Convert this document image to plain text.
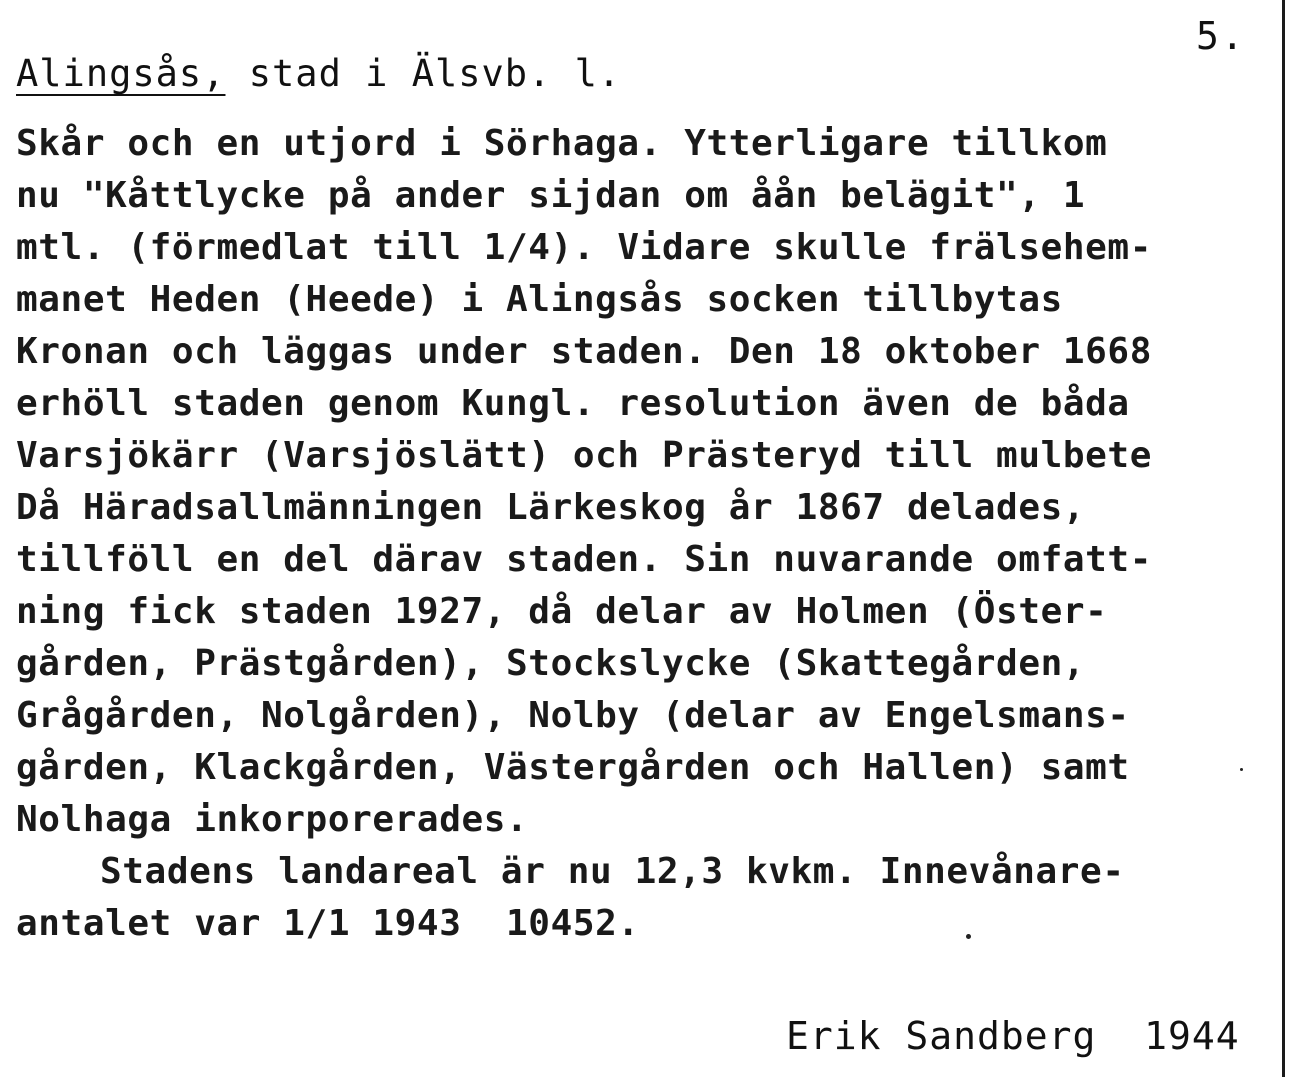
5.
Alingsås, stad i Älsvb. l.
Skår och en utjord i Sörhaga. Ytterligare tillkom
nu "Kåttlycke på ander sijdan om åån belägit", 1
mtl. (förmedlat till 1/4). Vidare skulle frälsehem-
manet Heden (Heede) i Alingsås socken tillbytas
Kronan och läggas under staden. Den 18 oktober 1668
erhöll staden genom Kungl. resolution även de båda
Varsjökärr (Varsjöslätt) och Prästeryd till mulbete
Då Häradsallmänningen Lärkeskog år 1867 delades,
tillföll en del därav staden. Sin nuvarande omfatt-
ning fick staden 1927, då delar av Holmen (Öster-
gården, Prästgården), Stockslycke (Skattegården,
Grågården, Nolgården), Nolby (delar av Engelsmans-
gården, Klackgården, Västergården och Hallen) samt
Nolhaga inkorporerades.
Stadens landareal är nu 12,3 kvkm. Innevånare-
antalet var 1/1 1943  10452.
Erik Sandberg  1944
